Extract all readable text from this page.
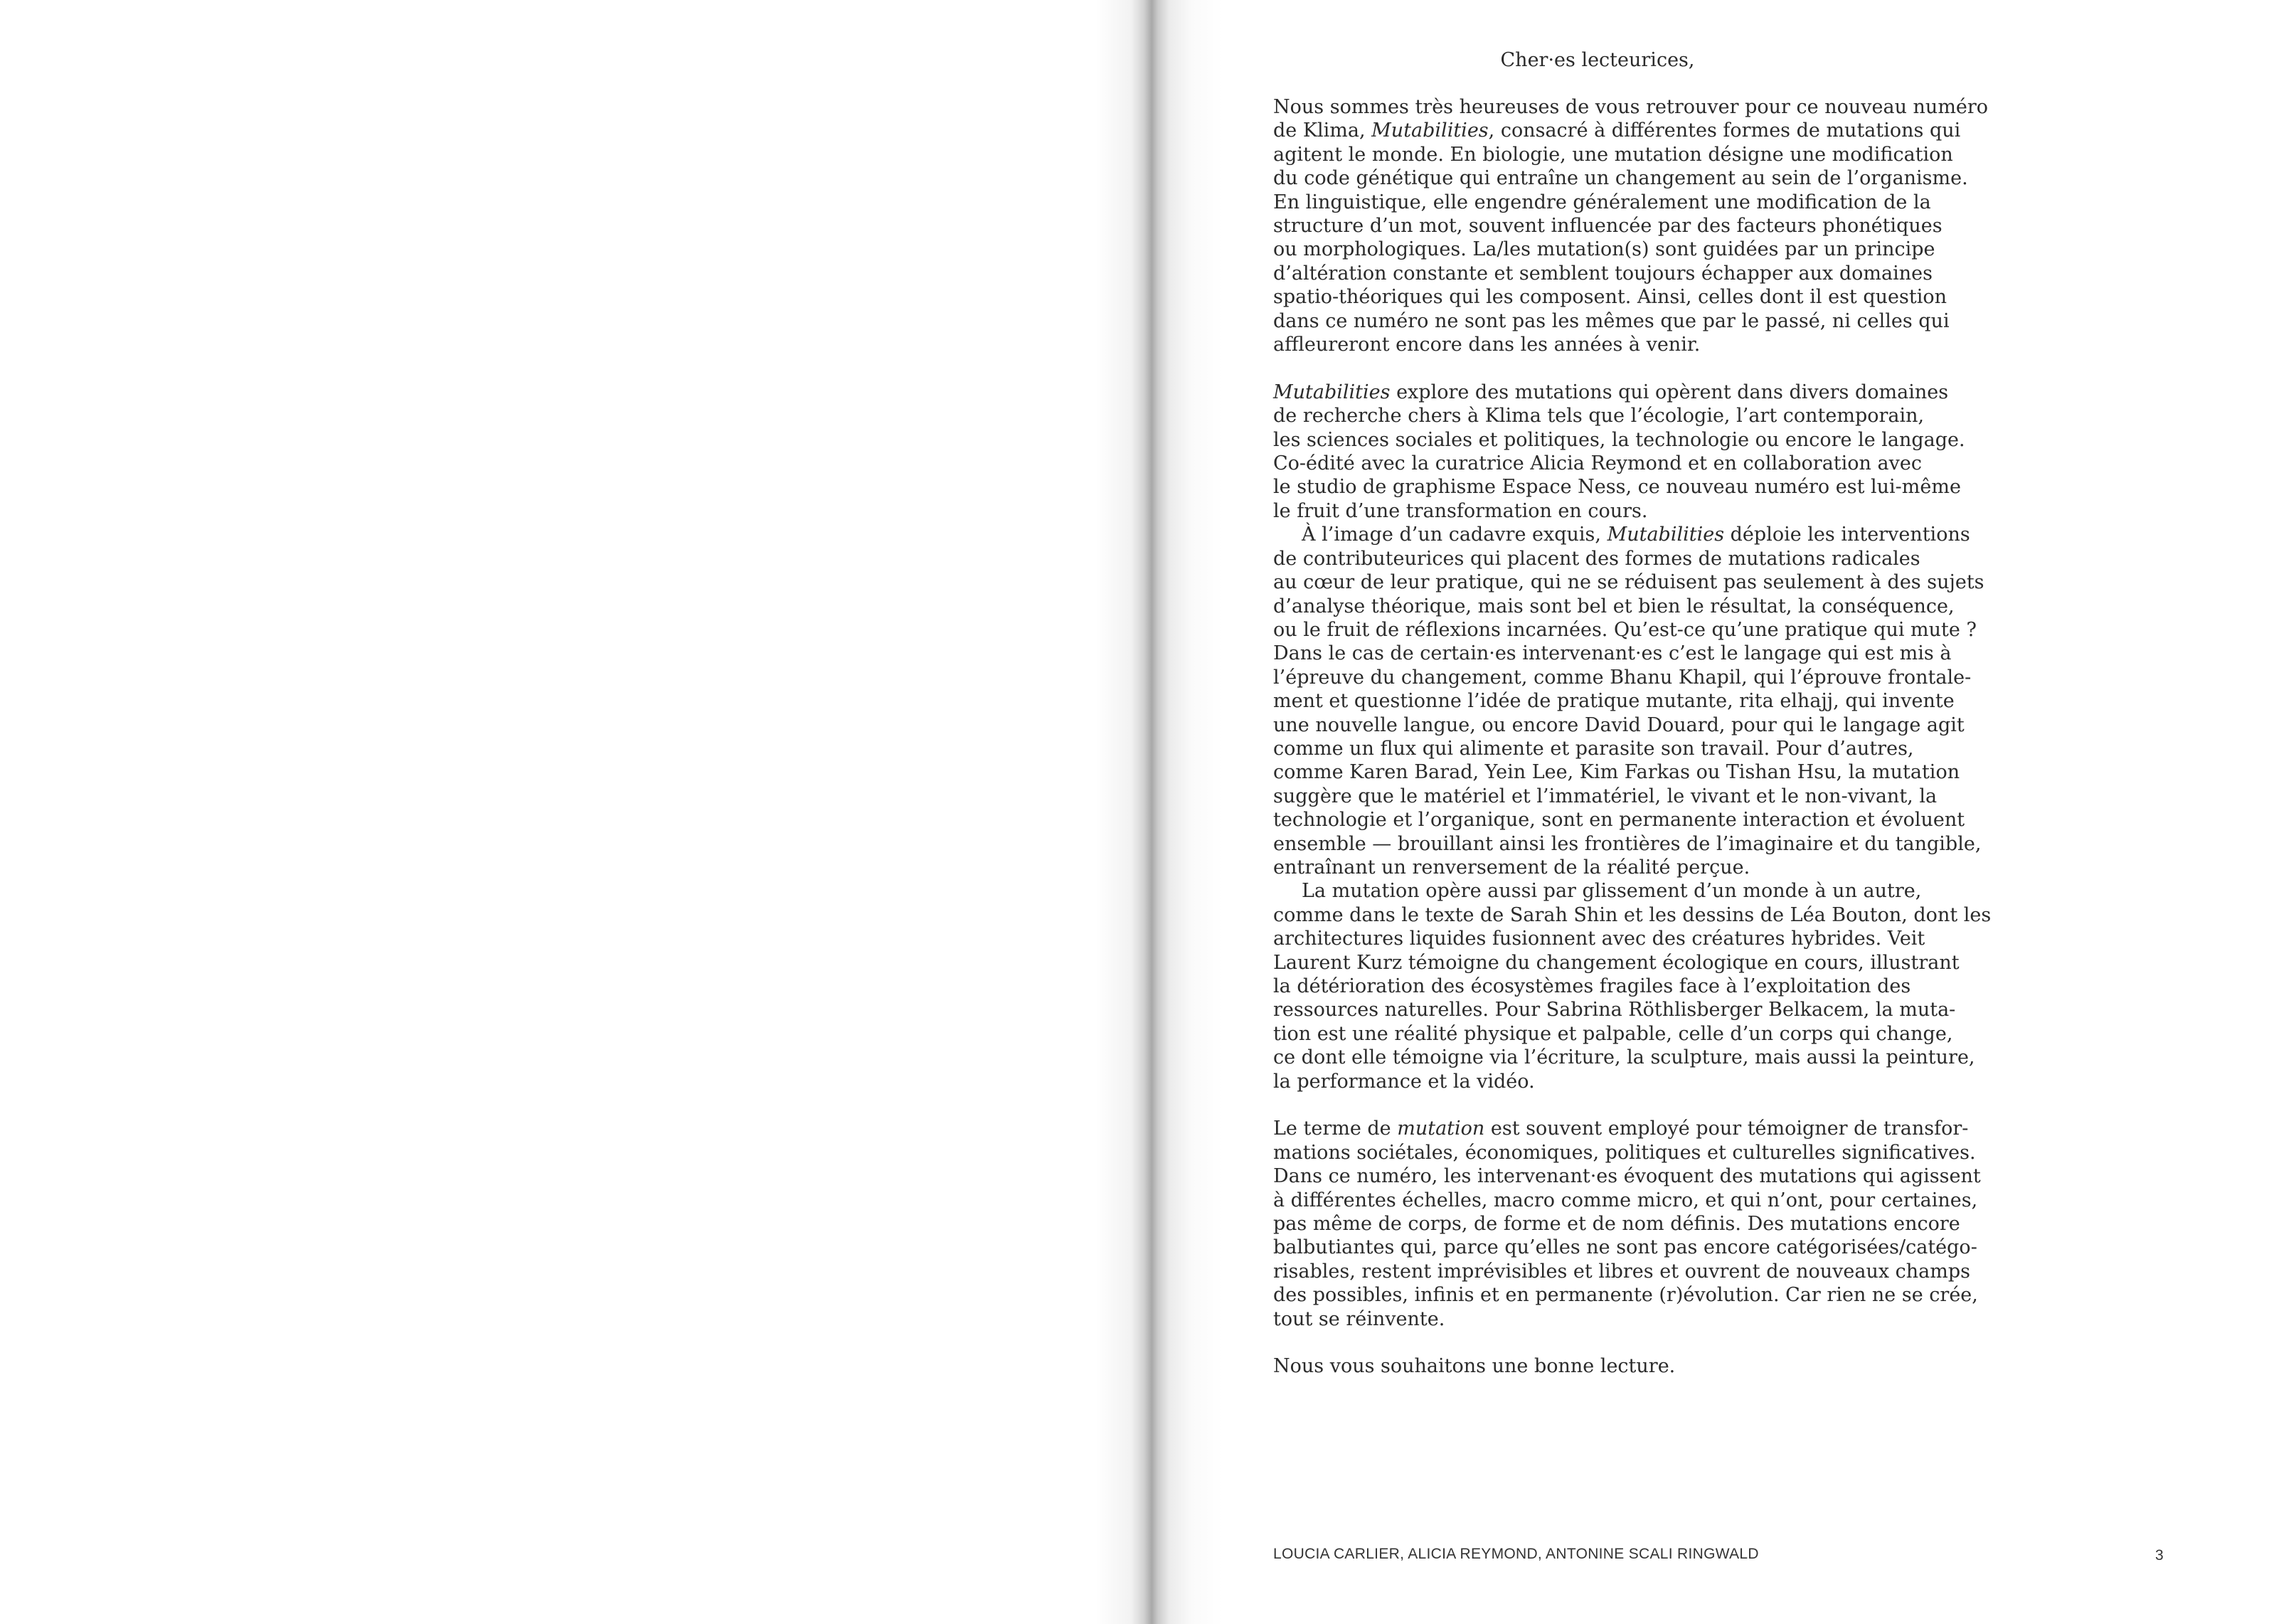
Cher·es lecteurices,

Nous sommes très heureuses de vous retrouver pour ce nouveau numéro

de Klima, Mutabilities, consacré à différentes formes de mutations qui

agitent le monde. En biologie, une mutation désigne une modification

du code génétique qui entraîne un changement au sein de l’organisme.

En linguistique, elle engendre généralement une modification de la

structure d’un mot, souvent influencée par des facteurs phonétiques

ou morphologiques. La/les mutation(s) sont guidées par un principe

d’altération constante et semblent toujours échapper aux domaines

spatio-théoriques qui les composent. Ainsi, celles dont il est question

dans ce numéro ne sont pas les mêmes que par le passé, ni celles qui

affleureront encore dans les années à venir.

Mutabilities explore des mutations qui opèrent dans divers domaines

de recherche chers à Klima tels que l’écologie, l’art contemporain,

les sciences sociales et politiques, la technologie ou encore le langage.

Co-édité avec la curatrice Alicia Reymond et en collaboration avec

le studio de graphisme Espace Ness, ce nouveau numéro est lui-même

le fruit d’une transformation en cours.

À l’image d’un cadavre exquis, Mutabilities déploie les interventions

de contributeurices qui placent des formes de mutations radicales

au cœur de leur pratique, qui ne se réduisent pas seulement à des sujets

d’analyse théorique, mais sont bel et bien le résultat, la conséquence,

ou le fruit de réflexions incarnées. Qu’est-ce qu’une pratique qui mute ?

Dans le cas de certain·es intervenant·es c’est le langage qui est mis à

l’épreuve du changement, comme Bhanu Khapil, qui l’éprouve frontale-

ment et questionne l’idée de pratique mutante, rita elhajj, qui invente

une nouvelle langue, ou encore David Douard, pour qui le langage agit

comme un flux qui alimente et parasite son travail. Pour d’autres,

comme Karen Barad, Yein Lee, Kim Farkas ou Tishan Hsu, la mutation

suggère que le matériel et l’immatériel, le vivant et le non-vivant, la

technologie et l’organique, sont en permanente interaction et évoluent

ensemble — brouillant ainsi les frontières de l’imaginaire et du tangible,

entraînant un renversement de la réalité perçue.

La mutation opère aussi par glissement d’un monde à un autre,

comme dans le texte de Sarah Shin et les dessins de Léa Bouton, dont les

architectures liquides fusionnent avec des créatures hybrides. Veit

Laurent Kurz témoigne du changement écologique en cours, illustrant

la détérioration des écosystèmes fragiles face à l’exploitation des

ressources naturelles. Pour Sabrina Röthlisberger Belkacem, la muta-

tion est une réalité physique et palpable, celle d’un corps qui change,

ce dont elle témoigne via l’écriture, la sculpture, mais aussi la peinture,

la performance et la vidéo.

Le terme de mutation est souvent employé pour témoigner de transfor-

mations sociétales, économiques, politiques et culturelles significatives.

Dans ce numéro, les intervenant·es évoquent des mutations qui agissent

à différentes échelles, macro comme micro, et qui n’ont, pour certaines,

pas même de corps, de forme et de nom définis. Des mutations encore

balbutiantes qui, parce qu’elles ne sont pas encore catégorisées/catégo-

risables, restent imprévisibles et libres et ouvrent de nouveaux champs

des possibles, infinis et en permanente (r)évolution. Car rien ne se crée,

tout se réinvente.

Nous vous souhaitons une bonne lecture.

LOUCIA CARLIER, ALICIA REYMOND, ANTONINE SCALI RINGWALD	3
